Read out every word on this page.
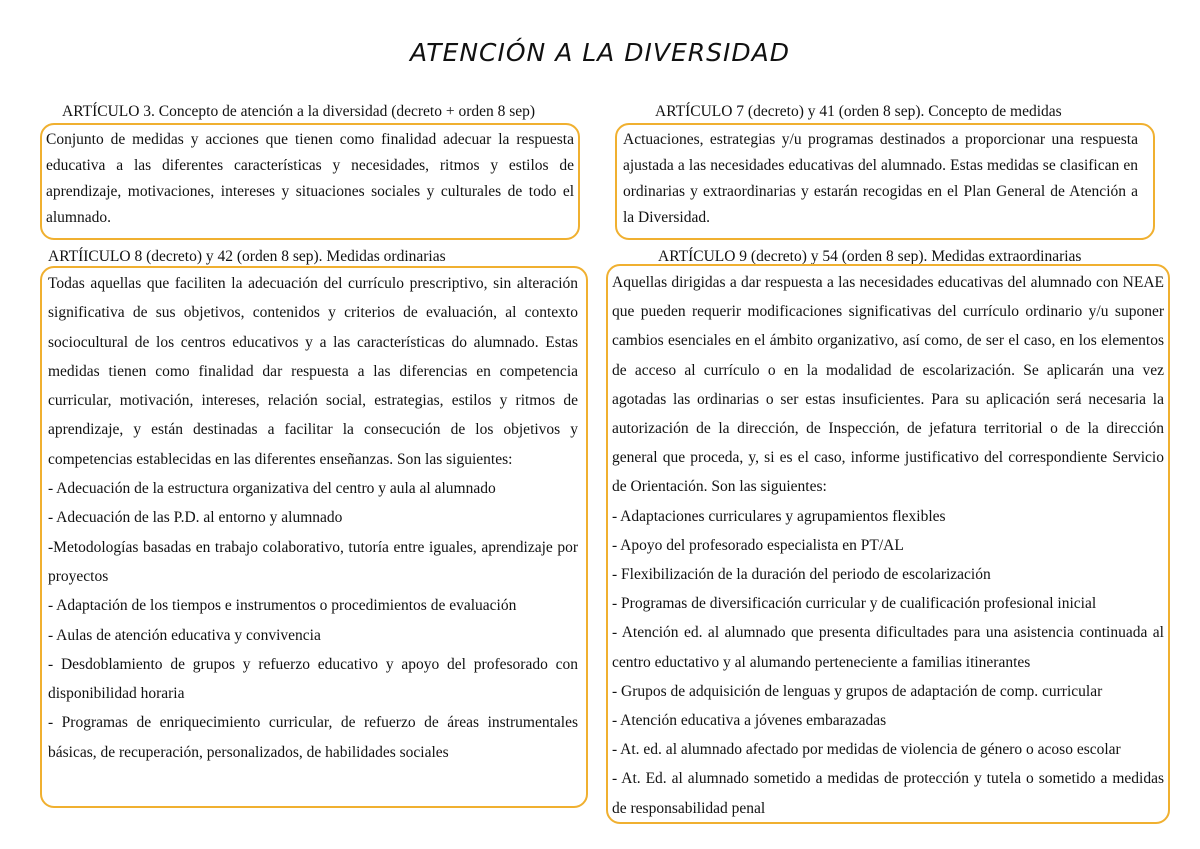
ATENCIÓN A LA DIVERSIDAD
ARTÍCULO 3. Concepto de atención a la diversidad (decreto + orden 8 sep)
Conjunto de medidas y acciones que tienen como finalidad adecuar la respuesta educativa a las diferentes características y necesidades, ritmos y estilos de aprendizaje, motivaciones, intereses y situaciones sociales y culturales de todo el alumnado.
ARTÍCULO 7 (decreto) y 41 (orden 8 sep). Concepto de medidas
Actuaciones, estrategias y/u programas destinados a proporcionar una respuesta ajustada a las necesidades educativas del alumnado. Estas medidas se clasifican en ordinarias y extraordinarias y estarán recogidas en el Plan General de Atención a la Diversidad.
ARTÍICULO 8 (decreto) y 42 (orden 8 sep). Medidas ordinarias
Todas aquellas que faciliten la adecuación del currículo prescriptivo, sin alteración significativa de sus objetivos, contenidos y criterios de evaluación, al contexto sociocultural de los centros educativos y a las características do alumnado. Estas medidas tienen como finalidad dar respuesta a las diferencias en competencia curricular, motivación, intereses, relación social, estrategias, estilos y ritmos de aprendizaje, y están destinadas a facilitar la consecución de los objetivos y competencias establecidas en las diferentes enseñanzas. Son las siguientes:
- Adecuación de la estructura organizativa del centro y aula al alumnado
- Adecuación de las P.D. al entorno y alumnado
-Metodologías basadas en trabajo colaborativo, tutoría entre iguales, aprendizaje por proyectos
- Adaptación de los tiempos e instrumentos o procedimientos de evaluación
- Aulas de atención educativa y convivencia
- Desdoblamiento de grupos y refuerzo educativo y apoyo del profesorado con disponibilidad horaria
- Programas de enriquecimiento curricular, de refuerzo de áreas instrumentales básicas, de recuperación, personalizados, de habilidades sociales
ARTÍCULO 9 (decreto) y 54 (orden 8 sep). Medidas extraordinarias
Aquellas dirigidas a dar respuesta a las necesidades educativas del alumnado con NEAE que pueden requerir modificaciones significativas del currículo ordinario y/u suponer cambios esenciales en el ámbito organizativo, así como, de ser el caso, en los elementos de acceso al currículo o en la modalidad de escolarización. Se aplicarán una vez agotadas las ordinarias o ser estas insuficientes. Para su aplicación será necesaria la autorización de la dirección, de Inspección, de jefatura territorial o de la dirección general que proceda, y, si es el caso, informe justificativo del correspondiente Servicio de Orientación. Son las siguientes:
- Adaptaciones curriculares y agrupamientos flexibles
- Apoyo del profesorado especialista en PT/AL
- Flexibilización de la duración del periodo de escolarización
- Programas de diversificación curricular y de cualificación profesional inicial
- Atención ed. al alumnado que presenta dificultades para una asistencia continuada al centro eductativo y al alumando perteneciente a familias itinerantes
- Grupos de adquisición de lenguas y grupos de adaptación de comp. curricular
- Atención educativa a jóvenes embarazadas
- At. ed. al alumnado afectado por medidas de violencia de género o acoso escolar
- At. Ed. al alumnado sometido a medidas de protección y tutela o sometido a medidas de responsabilidad penal
